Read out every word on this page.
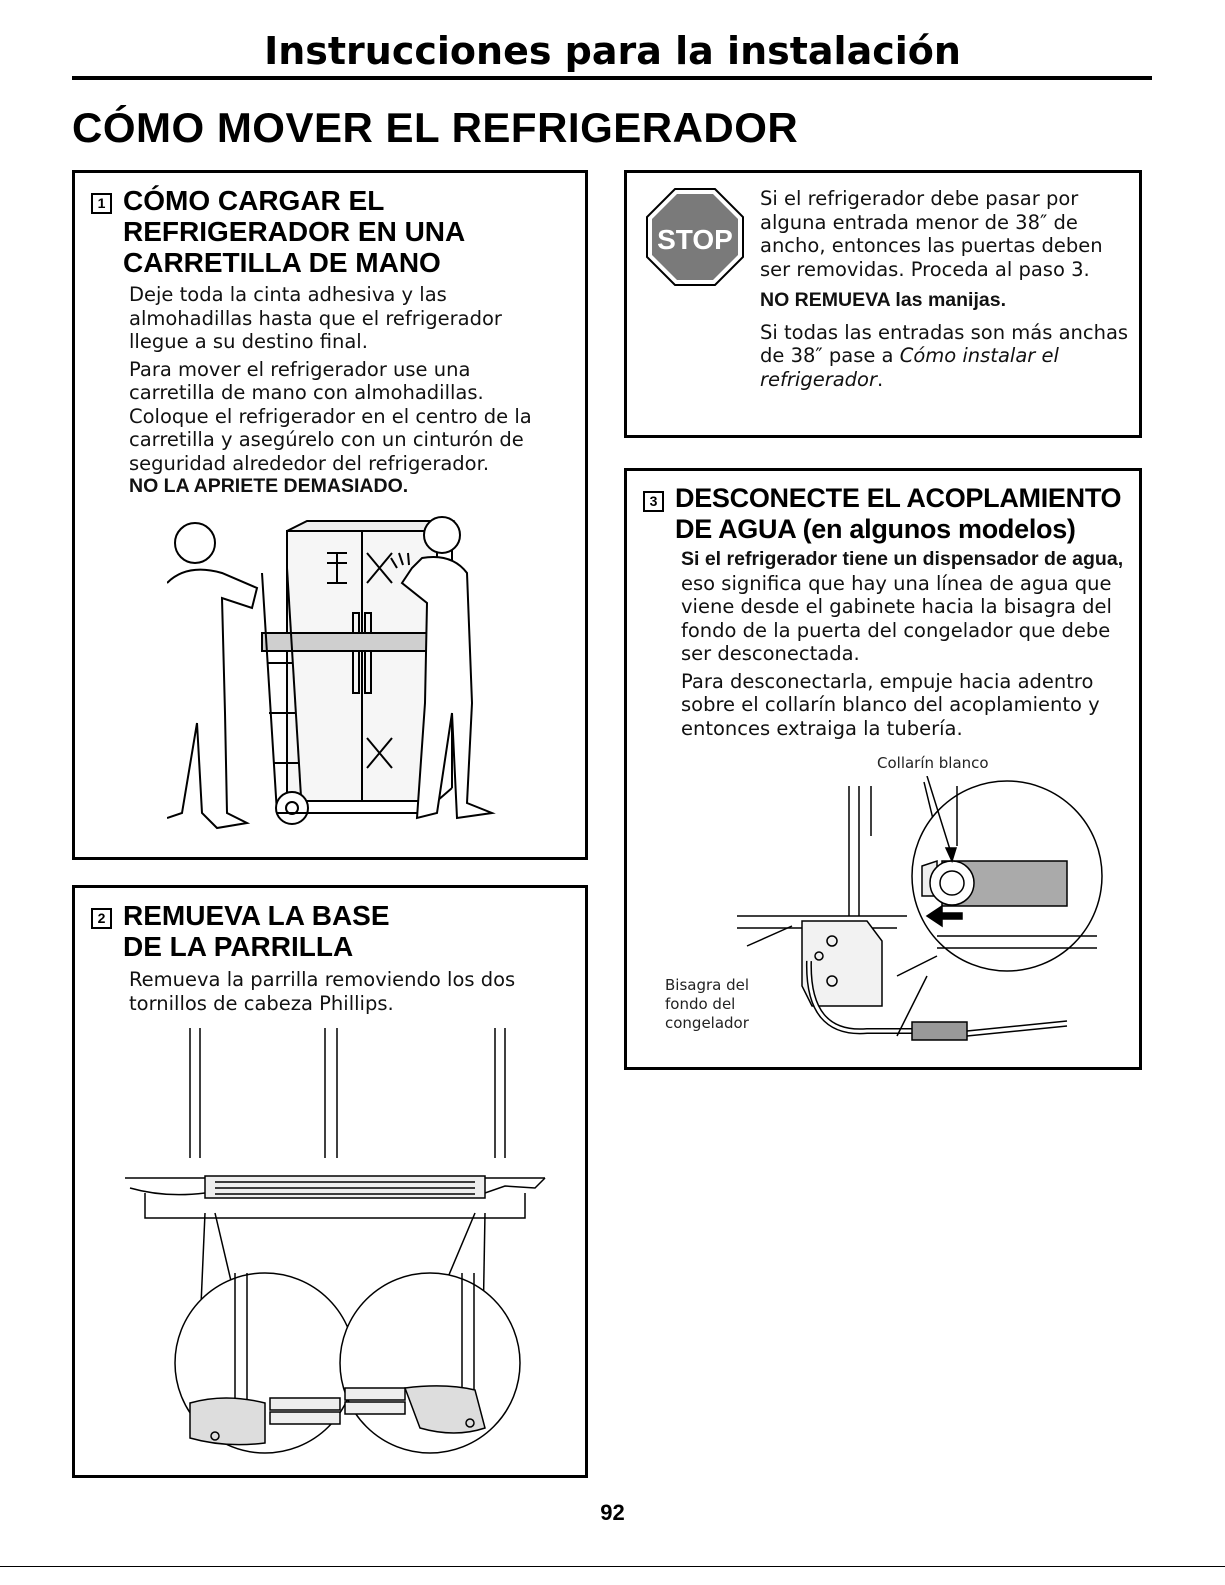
Instrucciones para la instalación
CÓMO MOVER EL REFRIGERADOR
1 CÓMO CARGAR EL
REFRIGERADOR EN UNA
CARRETILLA DE MANO

Deje toda la cinta adhesiva y las almohadillas hasta que el refrigerador llegue a su destino final.

Para mover el refrigerador use una carretilla de mano con almohadillas. Coloque el refrigerador en el centro de la carretilla y asegúrelo con un cinturón de seguridad alrededor del refrigerador.

NO LA APRIETE DEMASIADO.

2 REMUEVA LA BASE
DE LA PARRILLA

Remueva la parrilla removiendo los dos tornillos de cabeza Phillips.

STOP

Si el refrigerador debe pasar por alguna entrada menor de 38″ de ancho, entonces las puertas deben ser removidas. Proceda al paso 3.

NO REMUEVA las manijas.

Si todas las entradas son más anchas de 38″ pase a Cómo instalar el refrigerador.

3 DESCONECTE EL ACOPLAMIENTO
DE AGUA (en algunos modelos)

Si el refrigerador tiene un dispensador de agua, eso significa que hay una línea de agua que viene desde el gabinete hacia la bisagra del fondo de la puerta del congelador que debe ser desconectada.

Para desconectarla, empuje hacia adentro sobre el collarín blanco del acoplamiento y entonces extraiga la tubería.

Collarín blanco
Bisagra del
fondo del
congelador
92
